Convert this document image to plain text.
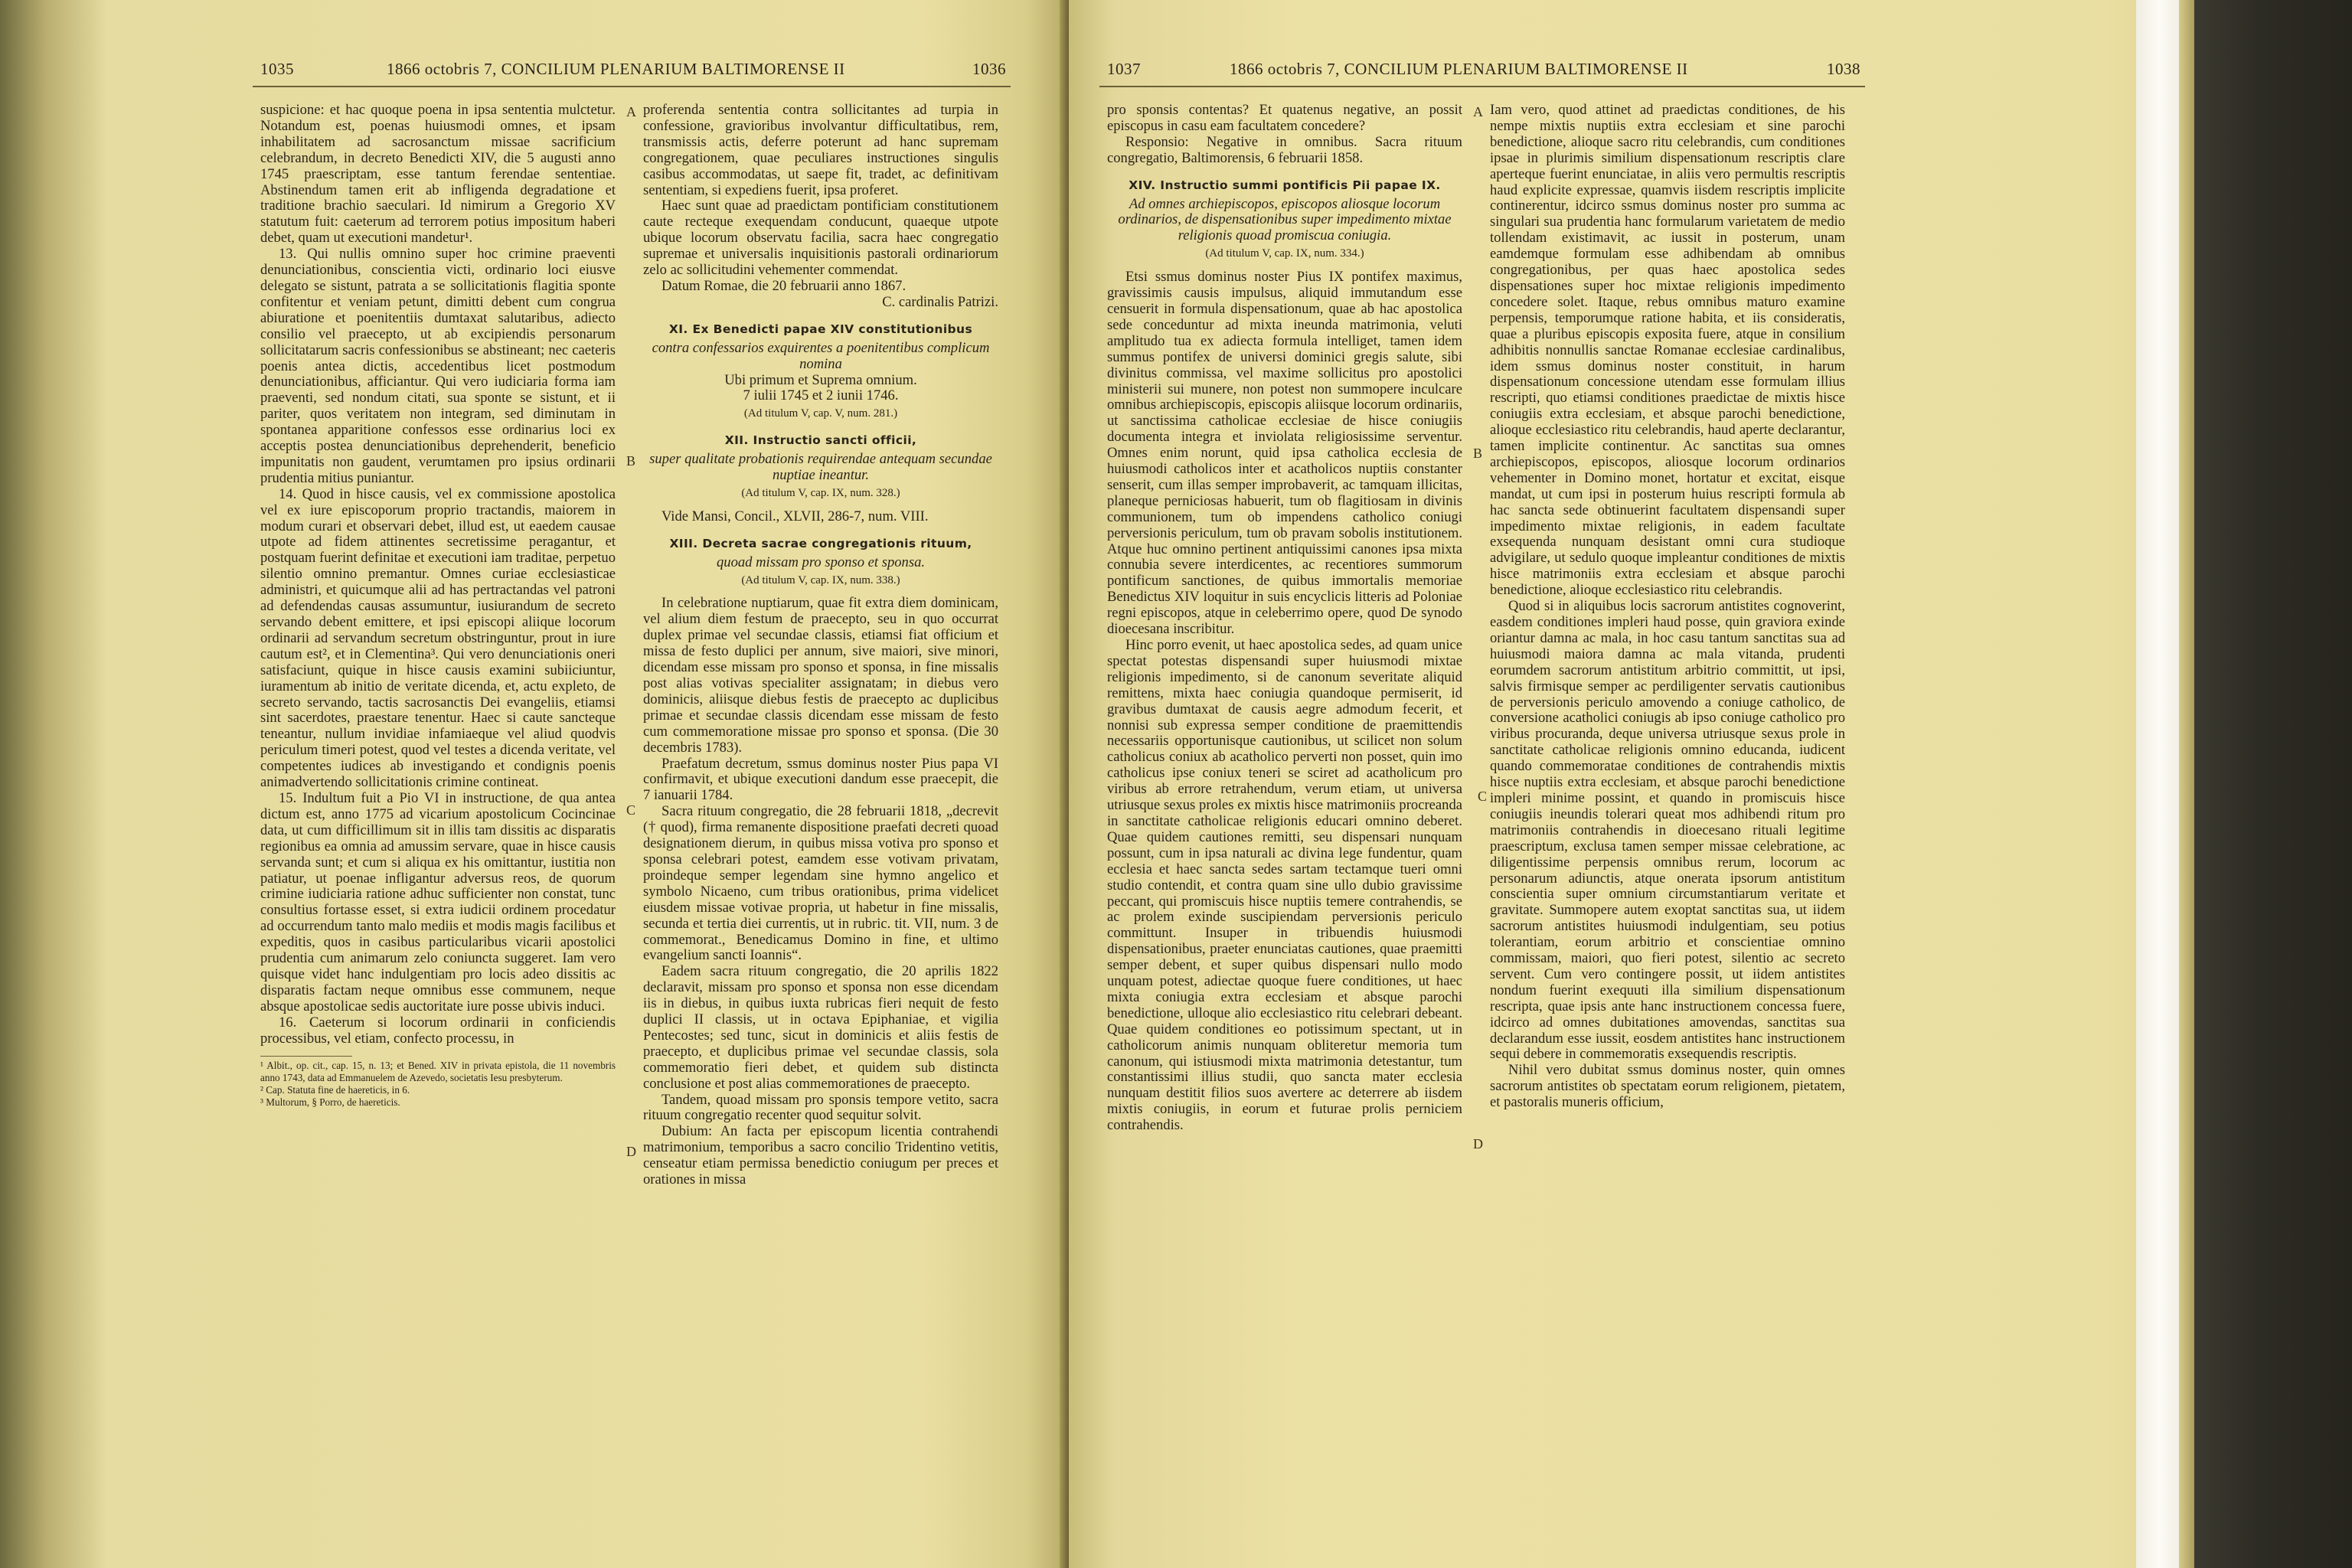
1035	1866 octobris 7, CONCILIUM PLENARIUM BALTIMORENSE II	1036

suspicione: et hac quoque poena in ipsa sententia mulctetur. Notandum est, poenas huiusmodi omnes, et ipsam inhabilitatem ad sacrosanctum missae sacrificium celebrandum, in decreto Benedicti XIV, die 5 augusti anno 1745 praescriptam, esse tantum ferendae sententiae. Abstinendum tamen erit ab infligenda degradatione et traditione brachio saeculari. Id nimirum a Gregorio XV statutum fuit: caeterum ad terrorem potius impositum haberi debet, quam ut executioni mandetur¹.

13. Qui nullis omnino super hoc crimine praeventi denunciationibus, conscientia victi, ordinario loci eiusve delegato se sistunt, patrata a se sollicitationis flagitia sponte confitentur et veniam petunt, dimitti debent cum congrua abiuratione et poenitentiis dumtaxat salutaribus, adiecto consilio vel praecepto, ut ab excipiendis personarum sollicitatarum sacris confessionibus se abstineant; nec caeteris poenis antea dictis, accedentibus licet postmodum denunciationibus, afficiantur. Qui vero iudiciaria forma iam praeventi, sed nondum citati, sua sponte se sistunt, et ii pariter, quos veritatem non integram, sed diminutam in spontanea apparitione confessos esse ordinarius loci ex acceptis postea denunciationibus deprehenderit, beneficio impunitatis non gaudent, verumtamen pro ipsius ordinarii prudentia mitius puniantur.

14. Quod in hisce causis, vel ex commissione apostolica vel ex iure episcoporum proprio tractandis, maiorem in modum curari et observari debet, illud est, ut eaedem causae utpote ad fidem attinentes secretissime peragantur, et postquam fuerint definitae et executioni iam traditae, perpetuo silentio omnino premantur. Omnes curiae ecclesiasticae administri, et quicumque alii ad has pertractandas vel patroni ad defendendas causas assumuntur, iusiurandum de secreto servando debent emittere, et ipsi episcopi aliique locorum ordinarii ad servandum secretum obstringuntur, prout in iure cautum est², et in Clementina³. Qui vero denunciationis oneri satisfaciunt, quique in hisce causis examini subiiciuntur, iuramentum ab initio de veritate dicenda, et, actu expleto, de secreto servando, tactis sacrosanctis Dei evangeliis, etiamsi sint sacerdotes, praestare tenentur. Haec si caute sancteque teneantur, nullum invidiae infamiaeque vel aliud quodvis periculum timeri potest, quod vel testes a dicenda veritate, vel competentes iudices ab investigando et condignis poenis animadvertendo sollicitationis crimine contineat.

15. Indultum fuit a Pio VI in instructione, de qua antea dictum est, anno 1775 ad vicarium apostolicum Cocincinae data, ut cum difficillimum sit in illis tam dissitis ac disparatis regionibus ea omnia ad amussim servare, quae in hisce causis servanda sunt; et cum si aliqua ex his omittantur, iustitia non patiatur, ut poenae infligantur adversus reos, de quorum crimine iudiciaria ratione adhuc sufficienter non constat, tunc consultius fortasse esset, si extra iudicii ordinem procedatur ad occurrendum tanto malo mediis et modis magis facilibus et expeditis, quos in casibus particularibus vicarii apostolici prudentia cum animarum zelo coniuncta suggeret. Iam vero quisque videt hanc indulgentiam pro locis adeo dissitis ac disparatis factam neque omnibus esse communem, neque absque apostolicae sedis auctoritate iure posse ubivis induci.

16. Caeterum si locorum ordinarii in conficiendis processibus, vel etiam, confecto processu, in

¹ Albit., op. cit., cap. 15, n. 13; et Bened. XIV in privata epistola, die 11 novembris anno 1743, data ad Emmanuelem de Azevedo, societatis Iesu presbyterum.

² Cap. Statuta fine de haereticis, in 6.

³ Multorum, § Porro, de haereticis.

A
B
C
D

proferenda sententia contra sollicitantes ad turpia in confessione, gravioribus involvantur difficultatibus, rem, transmissis actis, deferre poterunt ad hanc supremam congregationem, quae peculiares instructiones singulis casibus accommodatas, ut saepe fit, tradet, ac definitivam sententiam, si expediens fuerit, ipsa proferet.

Haec sunt quae ad praedictam pontificiam constitutionem caute recteque exequendam conducunt, quaeque utpote ubique locorum observatu facilia, sacra haec congregatio supremae et universalis inquisitionis pastorali ordinariorum zelo ac sollicitudini vehementer commendat.

Datum Romae, die 20 februarii anno 1867.

C. cardinalis Patrizi.

XI. Ex Benedicti papae XIV constitutionibus

contra confessarios exquirentes a poenitentibus complicum nomina

Ubi primum et Suprema omnium.

7 iulii 1745 et 2 iunii 1746.

(Ad titulum V, cap. V, num. 281.)

XII. Instructio sancti officii,

super qualitate probationis requirendae antequam secundae nuptiae ineantur.

(Ad titulum V, cap. IX, num. 328.)

Vide Mansi, Concil., XLVII, 286-7, num. VIII.

XIII. Decreta sacrae congregationis rituum,

quoad missam pro sponso et sponsa.

(Ad titulum V, cap. IX, num. 338.)

In celebratione nuptiarum, quae fit extra diem dominicam, vel alium diem festum de praecepto, seu in quo occurrat duplex primae vel secundae classis, etiamsi fiat officium et missa de festo duplici per annum, sive maiori, sive minori, dicendam esse missam pro sponso et sponsa, in fine missalis post alias votivas specialiter assignatam; in diebus vero dominicis, aliisque diebus festis de praecepto ac duplicibus primae et secundae classis dicendam esse missam de festo cum commemoratione missae pro sponso et sponsa. (Die 30 decembris 1783).

Praefatum decretum, ssmus dominus noster Pius papa VI confirmavit, et ubique executioni dandum esse praecepit, die 7 ianuarii 1784.

Sacra rituum congregatio, die 28 februarii 1818, „decrevit († quod), firma remanente dispositione praefati decreti quoad designationem dierum, in quibus missa votiva pro sponso et sponsa celebrari potest, eamdem esse votivam privatam, proindeque semper legendam sine hymno angelico et symbolo Nicaeno, cum tribus orationibus, prima videlicet eiusdem missae votivae propria, ut habetur in fine missalis, secunda et tertia diei currentis, ut in rubric. tit. VII, num. 3 de commemorat., Benedicamus Domino in fine, et ultimo evangelium sancti Ioannis“.

Eadem sacra rituum congregatio, die 20 aprilis 1822 declaravit, missam pro sponso et sponsa non esse dicendam iis in diebus, in quibus iuxta rubricas fieri nequit de festo duplici II classis, ut in octava Epiphaniae, et vigilia Pentecostes; sed tunc, sicut in dominicis et aliis festis de praecepto, et duplicibus primae vel secundae classis, sola commemoratio fieri debet, et quidem sub distincta conclusione et post alias commemorationes de praecepto.

Tandem, quoad missam pro sponsis tempore vetito, sacra rituum congregatio recenter quod sequitur solvit.

Dubium: An facta per episcopum licentia contrahendi matrimonium, temporibus a sacro concilio Tridentino vetitis, censeatur etiam permissa benedictio coniugum per preces et orationes in missa

1037	1866 octobris 7, CONCILIUM PLENARIUM BALTIMORENSE II	1038

pro sponsis contentas? Et quatenus negative, an possit episcopus in casu eam facultatem concedere?

Responsio: Negative in omnibus. Sacra rituum congregatio, Baltimorensis, 6 februarii 1858.

XIV. Instructio summi pontificis Pii papae IX.

Ad omnes archiepiscopos, episcopos aliosque locorum ordinarios, de dispensationibus super impedimento mixtae religionis quoad promiscua coniugia.

(Ad titulum V, cap. IX, num. 334.)

Etsi ssmus dominus noster Pius IX pontifex maximus, gravissimis causis impulsus, aliquid immutandum esse censuerit in formula dispensationum, quae ab hac apostolica sede conceduntur ad mixta ineunda matrimonia, veluti amplitudo tua ex adiecta formula intelliget, tamen idem summus pontifex de universi dominici gregis salute, sibi divinitus commissa, vel maxime sollicitus pro apostolici ministerii sui munere, non potest non summopere inculcare omnibus archiepiscopis, episcopis aliisque locorum ordinariis, ut sanctissima catholicae ecclesiae de hisce coniugiis documenta integra et inviolata religiosissime serventur. Omnes enim norunt, quid ipsa catholica ecclesia de huiusmodi catholicos inter et acatholicos nuptiis constanter senserit, cum illas semper improbaverit, ac tamquam illicitas, planeque perniciosas habuerit, tum ob flagitiosam in divinis communionem, tum ob impendens catholico coniugi perversionis periculum, tum ob pravam sobolis institutionem. Atque huc omnino pertinent antiquissimi canones ipsa mixta connubia severe interdicentes, ac recentiores summorum pontificum sanctiones, de quibus immortalis memoriae Benedictus XIV loquitur in suis encyclicis litteris ad Poloniae regni episcopos, atque in celeberrimo opere, quod De synodo dioecesana inscribitur.

Hinc porro evenit, ut haec apostolica sedes, ad quam unice spectat potestas dispensandi super huiusmodi mixtae religionis impedimento, si de canonum severitate aliquid remittens, mixta haec coniugia quandoque permiserit, id gravibus dumtaxat de causis aegre admodum fecerit, et nonnisi sub expressa semper conditione de praemittendis necessariis opportunisque cautionibus, ut scilicet non solum catholicus coniux ab acatholico perverti non posset, quin imo catholicus ipse coniux teneri se sciret ad acatholicum pro viribus ab errore retrahendum, verum etiam, ut universa utriusque sexus proles ex mixtis hisce matrimoniis procreanda in sanctitate catholicae religionis educari omnino deberet. Quae quidem cautiones remitti, seu dispensari nunquam possunt, cum in ipsa naturali ac divina lege fundentur, quam ecclesia et haec sancta sedes sartam tectamque tueri omni studio contendit, et contra quam sine ullo dubio gravissime peccant, qui promiscuis hisce nuptiis temere contrahendis, se ac prolem exinde suscipiendam perversionis periculo committunt. Insuper in tribuendis huiusmodi dispensationibus, praeter enunciatas cautiones, quae praemitti semper debent, et super quibus dispensari nullo modo unquam potest, adiectae quoque fuere conditiones, ut haec mixta coniugia extra ecclesiam et absque parochi benedictione, ulloque alio ecclesiastico ritu celebrari debeant. Quae quidem conditiones eo potissimum spectant, ut in catholicorum animis nunquam obliteretur memoria tum canonum, qui istiusmodi mixta matrimonia detestantur, tum constantissimi illius studii, quo sancta mater ecclesia nunquam destitit filios suos avertere ac deterrere ab iisdem mixtis coniugiis, in eorum et futurae prolis perniciem contrahendis.

A
B
C
D

Iam vero, quod attinet ad praedictas conditiones, de his nempe mixtis nuptiis extra ecclesiam et sine parochi benedictione, alioque sacro ritu celebrandis, cum conditiones ipsae in plurimis similium dispensationum rescriptis clare aperteque fuerint enunciatae, in aliis vero permultis rescriptis haud explicite expressae, quamvis iisdem rescriptis implicite continerentur, idcirco ssmus dominus noster pro summa ac singulari sua prudentia hanc formularum varietatem de medio tollendam existimavit, ac iussit in posterum, unam eamdemque formulam esse adhibendam ab omnibus congregationibus, per quas haec apostolica sedes dispensationes super hoc mixtae religionis impedimento concedere solet. Itaque, rebus omnibus maturo examine perpensis, temporumque ratione habita, et iis consideratis, quae a pluribus episcopis exposita fuere, atque in consilium adhibitis nonnullis sanctae Romanae ecclesiae cardinalibus, idem ssmus dominus noster constituit, in harum dispensationum concessione utendam esse formulam illius rescripti, quo etiamsi conditiones praedictae de mixtis hisce coniugiis extra ecclesiam, et absque parochi benedictione, alioque ecclesiastico ritu celebrandis, haud aperte declarantur, tamen implicite continentur. Ac sanctitas sua omnes archiepiscopos, episcopos, aliosque locorum ordinarios vehementer in Domino monet, hortatur et excitat, eisque mandat, ut cum ipsi in posterum huius rescripti formula ab hac sancta sede obtinuerint facultatem dispensandi super impedimento mixtae religionis, in eadem facultate exsequenda nunquam desistant omni cura studioque advigilare, ut sedulo quoque impleantur conditiones de mixtis hisce matrimoniis extra ecclesiam et absque parochi benedictione, alioque ecclesiastico ritu celebrandis.

Quod si in aliquibus locis sacrorum antistites cognoverint, easdem conditiones impleri haud posse, quin graviora exinde oriantur damna ac mala, in hoc casu tantum sanctitas sua ad huiusmodi maiora damna ac mala vitanda, prudenti eorumdem sacrorum antistitum arbitrio committit, ut ipsi, salvis firmisque semper ac perdiligenter servatis cautionibus de perversionis periculo amovendo a coniuge catholico, de conversione acatholici coniugis ab ipso coniuge catholico pro viribus procuranda, deque universa utriusque sexus prole in sanctitate catholicae religionis omnino educanda, iudicent quando commemoratae conditiones de contrahendis mixtis hisce nuptiis extra ecclesiam, et absque parochi benedictione impleri minime possint, et quando in promiscuis hisce coniugiis ineundis tolerari queat mos adhibendi ritum pro matrimoniis contrahendis in dioecesano rituali legitime praescriptum, exclusa tamen semper missae celebratione, ac diligentissime perpensis omnibus rerum, locorum ac personarum adiunctis, atque onerata ipsorum antistitum conscientia super omnium circumstantiarum veritate et gravitate. Summopere autem exoptat sanctitas sua, ut iidem sacrorum antistites huiusmodi indulgentiam, seu potius tolerantiam, eorum arbitrio et conscientiae omnino commissam, maiori, quo fieri potest, silentio ac secreto servent. Cum vero contingere possit, ut iidem antistites nondum fuerint exequuti illa similium dispensationum rescripta, quae ipsis ante hanc instructionem concessa fuere, idcirco ad omnes dubitationes amovendas, sanctitas sua declarandum esse iussit, eosdem antistites hanc instructionem sequi debere in commemoratis exsequendis rescriptis.

Nihil vero dubitat ssmus dominus noster, quin omnes sacrorum antistites ob spectatam eorum religionem, pietatem, et pastoralis muneris officium,
